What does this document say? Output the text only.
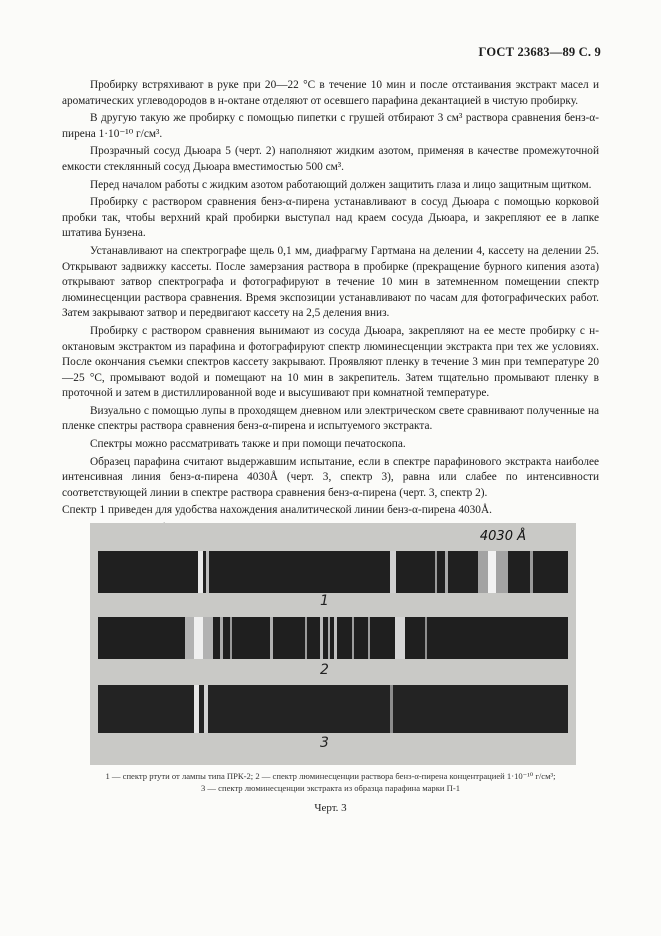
ГОСТ 23683—89 С. 9

Пробирку встряхивают в руке при 20—22 °С в течение 10 мин и после отстаивания экстракт масел и ароматических углеводородов в н-октане отделяют от осевшего парафина декантацией в чистую пробирку.

В другую такую же пробирку с помощью пипетки с грушей отбирают 3 см³ раствора сравнения бенз-α-пирена 1·10⁻¹⁰ г/см³.

Прозрачный сосуд Дьюара 5 (черт. 2) наполняют жидким азотом, применяя в качестве промежуточной емкости стеклянный сосуд Дьюара вместимостью 500 см³.

Перед началом работы с жидким азотом работающий должен защитить глаза и лицо защитным щитком.

Пробирку с раствором сравнения бенз-α-пирена устанавливают в сосуд Дьюара с помощью корковой пробки так, чтобы верхний край пробирки выступал над краем сосуда Дьюара, и закрепляют ее в лапке штатива Бунзена.

Устанавливают на спектрографе щель 0,1 мм, диафрагму Гартмана на делении 4, кассету на делении 25. Открывают задвижку кассеты. После замерзания раствора в пробирке (прекращение бурного кипения азота) открывают затвор спектрографа и фотографируют в течение 10 мин в затемненном помещении спектр люминесценции раствора сравнения. Время экспозиции устанавливают по часам для фотографических работ. Затем закрывают затвор и передвигают кассету на 2,5 деления вниз.

Пробирку с раствором сравнения вынимают из сосуда Дьюара, закрепляют на ее месте пробирку с н-октановым экстрактом из парафина и фотографируют спектр люминесценции экстракта при тех же условиях. После окончания съемки спектров кассету закрывают. Проявляют пленку в течение 3 мин при температуре 20—25 °С, промывают водой и помещают на 10 мин в закрепитель. Затем тщательно промывают пленку в проточной и затем в дистиллированной воде и высушивают при комнатной температуре.

Визуально с помощью лупы в проходящем дневном или электрическом свете сравнивают полученные на пленке спектры раствора сравнения бенз-α-пирена и испытуемого экстракта.

Спектры можно рассматривать также и при помощи печатоскопа.

Образец парафина считают выдержавшим испытание, если в спектре парафинового экстракта наиболее интенсивная линия бенз-α-пирена 4030Å (черт. 3, спектр 3), равна или слабее по интенсивности соответствующей линии в спектре раствора сравнения бенз-α-пирена (черт. 3, спектр 2).

Спектр 1 приведен для удобства нахождения аналитической линии бенз-α-пирена 4030Å.

4030 Å
1
2
3
1 — спектр ртути от лампы типа ПРК-2; 2 — спектр люминесценции раствора бенз-α-пирена концентрацией 1·10⁻¹⁰ г/см³;
3 — спектр люминесценции экстракта из образца парафина марки П-1
Черт. 3
